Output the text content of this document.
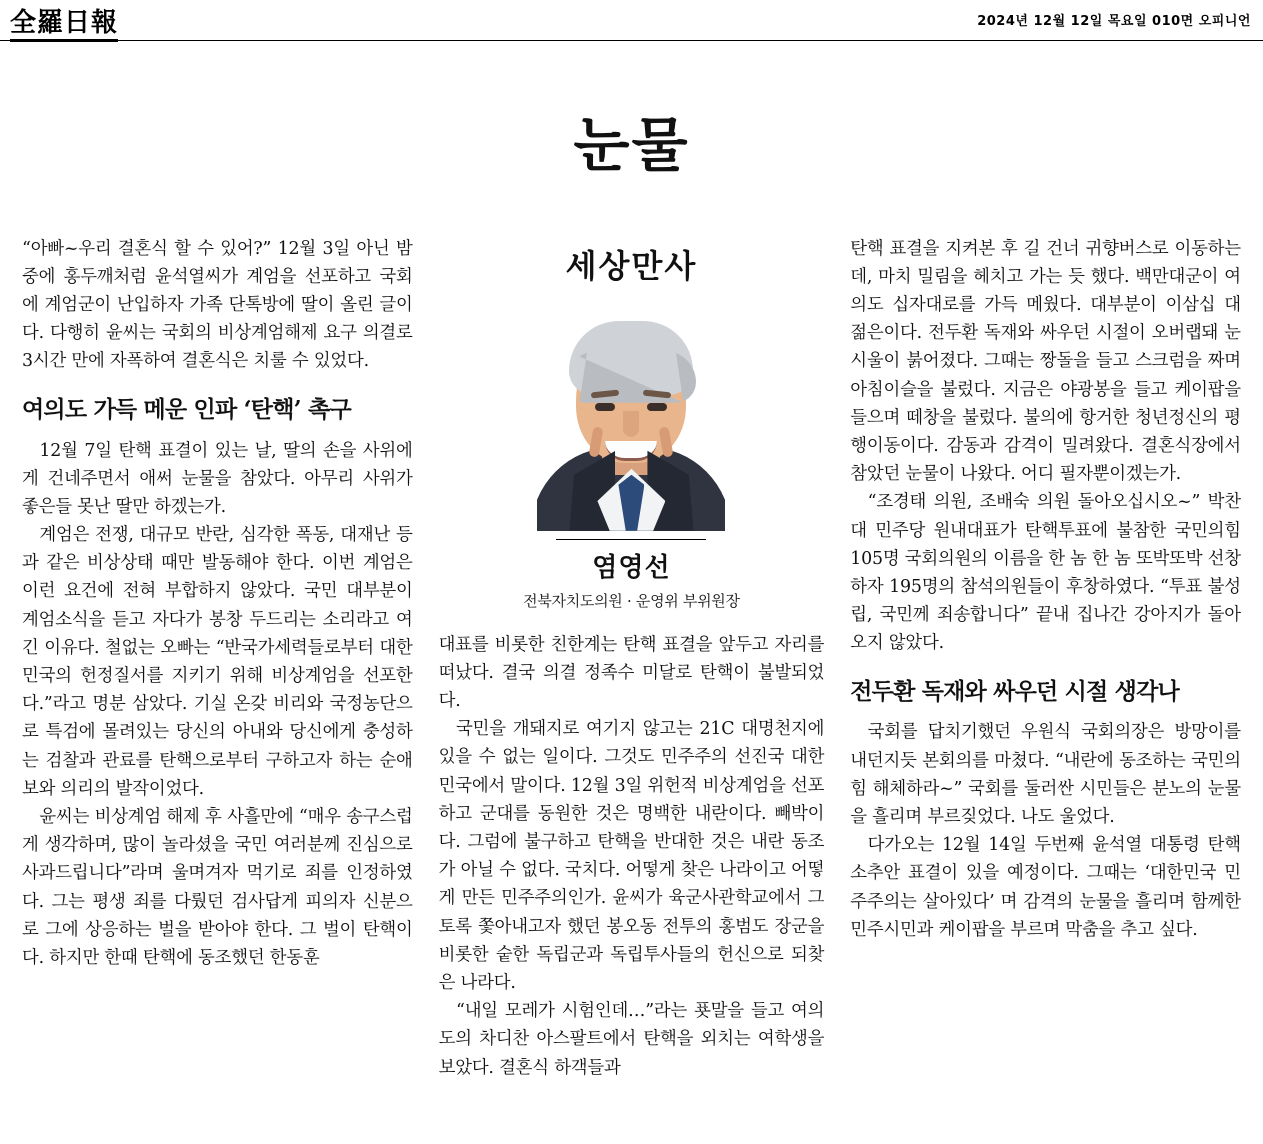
全羅日報	2024년 12월 12일 목요일 010면 오피니언
눈물

“아빠~우리 결혼식 할 수 있어?” 12월 3일 아닌 밤중에 홍두깨처럼 윤석열씨가 계엄을 선포하고 국회에 계엄군이 난입하자 가족 단톡방에 딸이 올린 글이다. 다행히 윤씨는 국회의 비상계엄해제 요구 의결로 3시간 만에 자폭하여 결혼식은 치룰 수 있었다.

여의도 가득 메운 인파 ‘탄핵’ 촉구

12월 7일 탄핵 표결이 있는 날, 딸의 손을 사위에게 건네주면서 애써 눈물을 참았다. 아무리 사위가 좋은들 못난 딸만 하겠는가.

계엄은 전쟁, 대규모 반란, 심각한 폭동, 대재난 등과 같은 비상상태 때만 발동해야 한다. 이번 계엄은 이런 요건에 전혀 부합하지 않았다. 국민 대부분이 계엄소식을 듣고 자다가 봉창 두드리는 소리라고 여긴 이유다. 철없는 오빠는 “반국가세력들로부터 대한민국의 헌정질서를 지키기 위해 비상계엄을 선포한다.”라고 명분 삼았다. 기실 온갖 비리와 국정농단으로 특검에 몰려있는 당신의 아내와 당신에게 충성하는 검찰과 관료를 탄핵으로부터 구하고자 하는 순애보와 의리의 발작이었다.

윤씨는 비상계엄 해제 후 사흘만에 “매우 송구스럽게 생각하며, 많이 놀라셨을 국민 여러분께 진심으로 사과드립니다”라며 울며겨자 먹기로 죄를 인정하였다. 그는 평생 죄를 다뤘던 검사답게 피의자 신분으로 그에 상응하는 벌을 받아야 한다. 그 벌이 탄핵이다. 하지만 한때 탄핵에 동조했던 한동훈

세상만사
염영선
전북자치도의원 · 운영위 부위원장

대표를 비롯한 친한계는 탄핵 표결을 앞두고 자리를 떠났다. 결국 의결 정족수 미달로 탄핵이 불발되었다.

국민을 개돼지로 여기지 않고는 21C 대명천지에 있을 수 없는 일이다. 그것도 민주주의 선진국 대한민국에서 말이다. 12월 3일 위헌적 비상계엄을 선포하고 군대를 동원한 것은 명백한 내란이다. 빼박이다. 그럼에 불구하고 탄핵을 반대한 것은 내란 동조가 아닐 수 없다. 국치다. 어떻게 찾은 나라이고 어떻게 만든 민주주의인가. 윤씨가 육군사관학교에서 그토록 쫓아내고자 했던 봉오동 전투의 홍범도 장군을 비롯한 숱한 독립군과 독립투사들의 헌신으로 되찾은 나라다.

“내일 모레가 시험인데…”라는 푯말을 들고 여의도의 차디찬 아스팔트에서 탄핵을 외치는 여학생을 보았다. 결혼식 하객들과

탄핵 표결을 지켜본 후 길 건너 귀향버스로 이동하는 데, 마치 밀림을 헤치고 가는 듯 했다. 백만대군이 여의도 십자대로를 가득 메웠다. 대부분이 이삼십 대 젊은이다. 전두환 독재와 싸우던 시절이 오버랩돼 눈시울이 붉어졌다. 그때는 짱돌을 들고 스크럼을 짜며 아침이슬을 불렀다. 지금은 야광봉을 들고 케이팝을 들으며 떼창을 불렀다. 불의에 항거한 청년정신의 평행이동이다. 감동과 감격이 밀려왔다. 결혼식장에서 참았던 눈물이 나왔다. 어디 필자뿐이겠는가.

“조경태 의원, 조배숙 의원 돌아오십시오~” 박찬대 민주당 원내대표가 탄핵투표에 불참한 국민의힘 105명 국회의원의 이름을 한 놈 한 놈 또박또박 선창하자 195명의 참석의원들이 후창하였다. “투표 불성립, 국민께 죄송합니다” 끝내 집나간 강아지가 돌아오지 않았다.

전두환 독재와 싸우던 시절 생각나

국회를 답치기했던 우원식 국회의장은 방망이를 내던지듯 본회의를 마쳤다. “내란에 동조하는 국민의힘 해체하라~” 국회를 둘러싼 시민들은 분노의 눈물을 흘리며 부르짖었다. 나도 울었다.

다가오는 12월 14일 두번째 윤석열 대통령 탄핵소추안 표결이 있을 예정이다. 그때는 ‘대한민국 민주주의는 살아있다’ 며 감격의 눈물을 흘리며 함께한 민주시민과 케이팝을 부르며 막춤을 추고 싶다.
